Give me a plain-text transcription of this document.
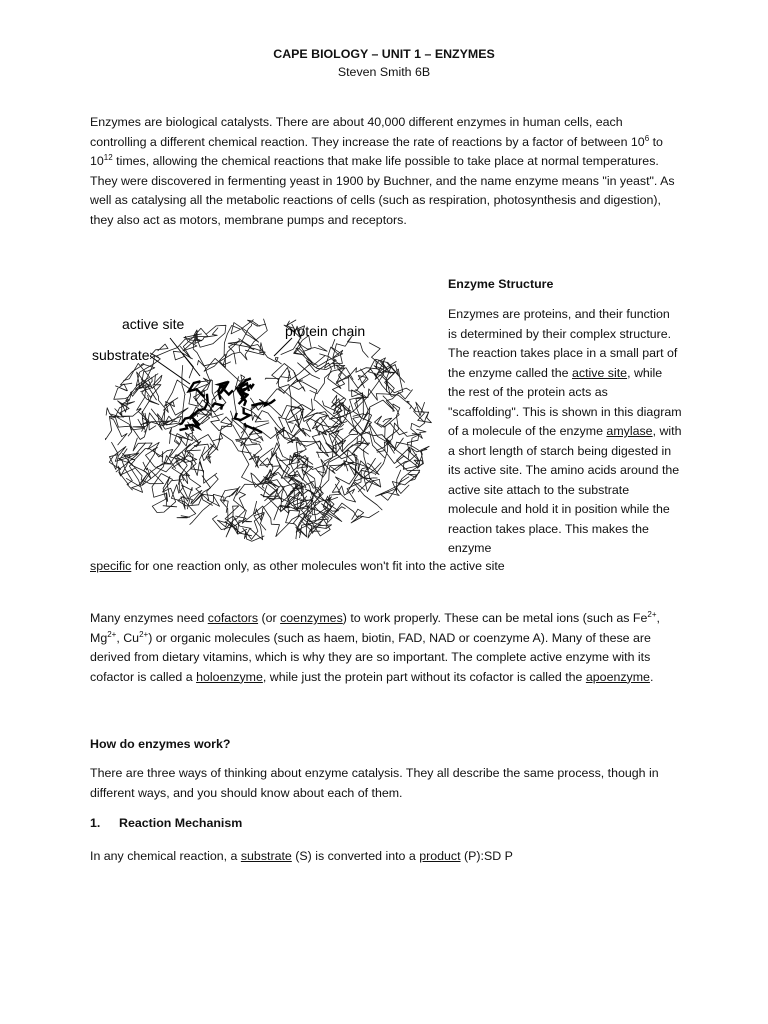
CAPE BIOLOGY – UNIT 1 – ENZYMES
Steven Smith 6B
Enzymes are biological catalysts. There are about 40,000 different enzymes in human cells, each controlling a different chemical reaction. They increase the rate of reactions by a factor of between $10^6$ to $10^{12}$ times, allowing the chemical reactions that make life possible to take place at normal temperatures. They were discovered in fermenting yeast in 1900 by Buchner, and the name enzyme means "in yeast". As well as catalysing all the metabolic reactions of cells (such as respiration, photosynthesis and digestion), they also act as motors, membrane pumps and receptors.
Enzyme Structure
active site	protein chain
substrate
Enzymes are proteins, and their function is determined by their complex structure. The reaction takes place in a small part of the enzyme called the active site, while the rest of the protein acts as "scaffolding". This is shown in this diagram of a molecule of the enzyme amylase, with a short length of starch being digested in its active site. The amino acids around the active site attach to the substrate molecule and hold it in position while the reaction takes place. This makes the enzyme
specific for one reaction only, as other molecules won't fit into the active site
Many enzymes need cofactors (or coenzymes) to work properly. These can be metal ions (such as $Fe^{2+}$, $Mg^{2+}$, $Cu^{2+}$) or organic molecules (such as haem, biotin, FAD, NAD or coenzyme A). Many of these are derived from dietary vitamins, which is why they are so important. The complete active enzyme with its cofactor is called a holoenzyme, while just the protein part without its cofactor is called the apoenzyme.
How do enzymes work?
There are three ways of thinking about enzyme catalysis. They all describe the same process, though in different ways, and you should know about each of them.
1. Reaction Mechanism
In any chemical reaction, a substrate (S) is converted into a product (P):SD P
